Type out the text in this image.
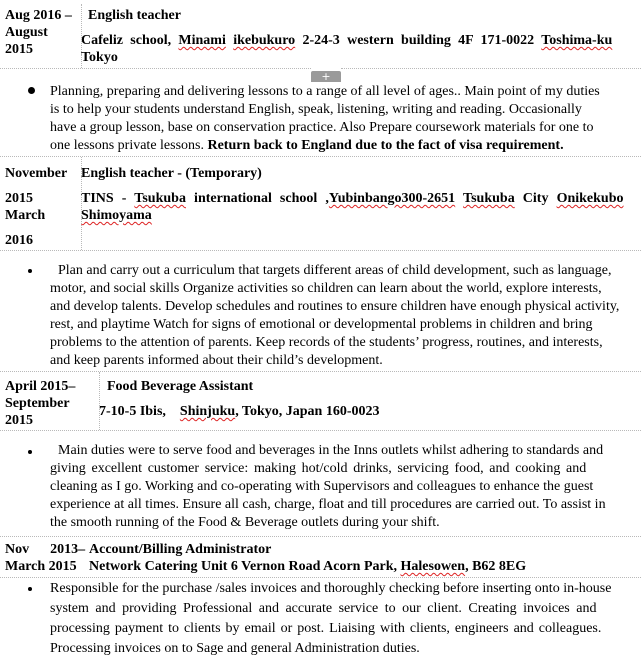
Aug 2016 –
August
2015
English teacher
Cafeliz school, Minami ikebukuro 2-24-3 western building 4F 171-0022 Toshima-ku
Tokyo
+
Planning, preparing and delivering lessons to a range of all level of ages.. Main point of my duties
is to help your students understand English, speak, listening, writing and reading. Occasionally
have a group lesson, base on conservation practice. Also Prepare coursework materials for one to
one lessons private lessons. Return back to England due to the fact of visa requirement.
November
2015
March
2016
English teacher - (Temporary)
TINS - Tsukuba international school ,Yubinbango300-2651 Tsukuba City Onikekubo
Shimoyama
Plan and carry out a curriculum that targets different areas of child development, such as language,
motor, and social skills Organize activities so children can learn about the world, explore interests,
and develop talents. Develop schedules and routines to ensure children have enough physical activity,
rest, and playtime Watch for signs of emotional or developmental problems in children and bring
problems to the attention of parents. Keep records of the students’ progress, routines, and interests,
and keep parents informed about their child’s development.
April 2015–
September
2015
Food Beverage Assistant
7-10-5 Ibis,    Shinjuku, Tokyo, Japan 160-0023
Main duties were to serve food and beverages in the Inns outlets whilst adhering to standards and
giving excellent customer service: making hot/cold drinks, servicing food, and cooking and
cleaning as I go. Working and co-operating with Supervisors and colleagues to enhance the guest
experience at all times. Ensure all cash, charge, float and till procedures are carried out. To assist in
the smooth running of the Food & Beverage outlets during your shift.
Nov      2013–
March 2015
Account/Billing Administrator
Network Catering Unit 6 Vernon Road Acorn Park, Halesowen, B62 8EG
Responsible for the purchase /sales invoices and thoroughly checking before inserting onto in-house
system and providing Professional and accurate service to our client. Creating invoices and
processing payment to clients by email or post. Liaising with clients, engineers and colleagues.
Processing invoices on to Sage and general Administration duties.
